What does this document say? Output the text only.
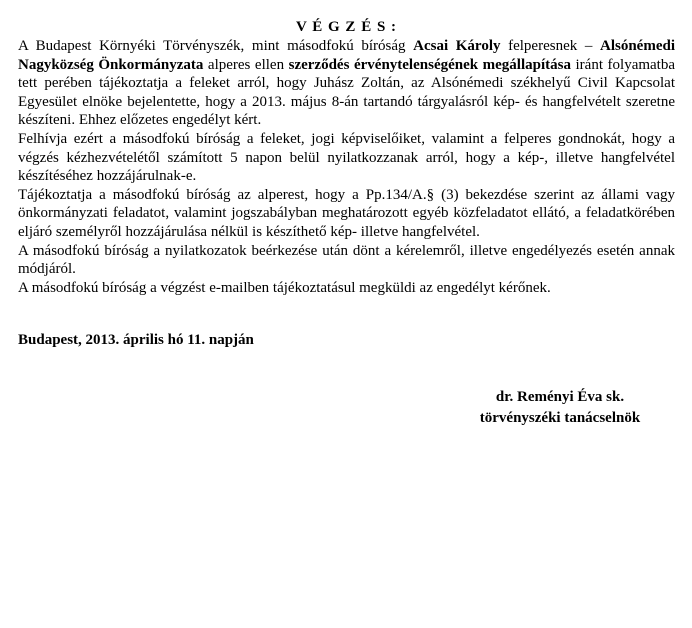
V É G Z É S :

A Budapest Környéki Törvényszék, mint másodfokú bíróság Acsai Károly felperesnek – Alsónémedi Nagyközség Önkormányzata alperes ellen szerződés érvénytelenségének megállapítása iránt folyamatba tett perében tájékoztatja a feleket arról, hogy Juhász Zoltán, az Alsónémedi székhelyű Civil Kapcsolat Egyesület elnöke bejelentette, hogy a 2013. május 8-án tartandó tárgyalásról kép- és hangfelvételt szeretne készíteni. Ehhez előzetes engedélyt kért.

Felhívja ezért a másodfokú bíróság a feleket, jogi képviselőiket, valamint a felperes gondnokát, hogy a végzés kézhezvételétől számított 5 napon belül nyilatkozzanak arról, hogy a kép-, illetve hangfelvétel készítéséhez hozzájárulnak-e.

Tájékoztatja a másodfokú bíróság az alperest, hogy a Pp.134/A.§ (3) bekezdése szerint az állami vagy önkormányzati feladatot, valamint jogszabályban meghatározott egyéb közfeladatot ellátó, a feladatkörében eljáró személyről hozzájárulása nélkül is készíthető kép- illetve hangfelvétel.

A másodfokú bíróság a nyilatkozatok beérkezése után dönt a kérelemről, illetve engedélyezés esetén annak módjáról.

A másodfokú bíróság a végzést e-mailben tájékoztatásul megküldi az engedélyt kérőnek.

Budapest, 2013. április hó 11. napján

dr. Reményi Éva sk.
törvényszéki tanácselnök
